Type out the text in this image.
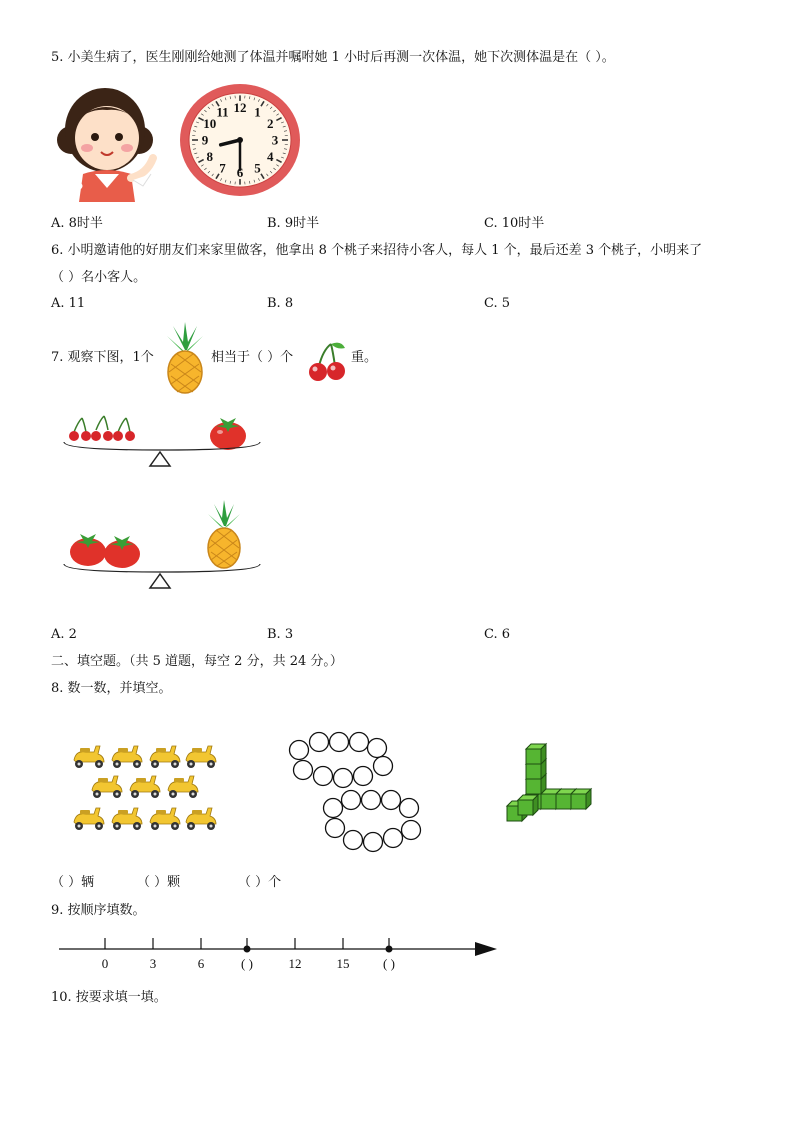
5. 小美生病了，医生刚刚给她测了体温并嘱咐她 1 小时后再测一次体温，她下次测体温是在（ ）。
12 1
2
3
4
5
6
7
8
9
10
11
A. 8时半	B. 9时半	C. 10时半
6. 小明邀请他的好朋友们来家里做客，他拿出 8 个桃子来招待小客人，每人 1 个，最后还差 3 个桃子，小明来了
（ ）名小客人。
A. 11	B. 8	C. 5
7. 观察下图，1个	相当于（ ）个	重。
A. 2	B. 3	C. 6
二、填空题。（共 5 道题，每空 2 分，共 24 分。）
8. 数一数，并填空。
（ ）辆	（ ）颗	（ ）个
9. 按顺序填数。
0	3	6	( )	12	15	( )
10. 按要求填一填。
